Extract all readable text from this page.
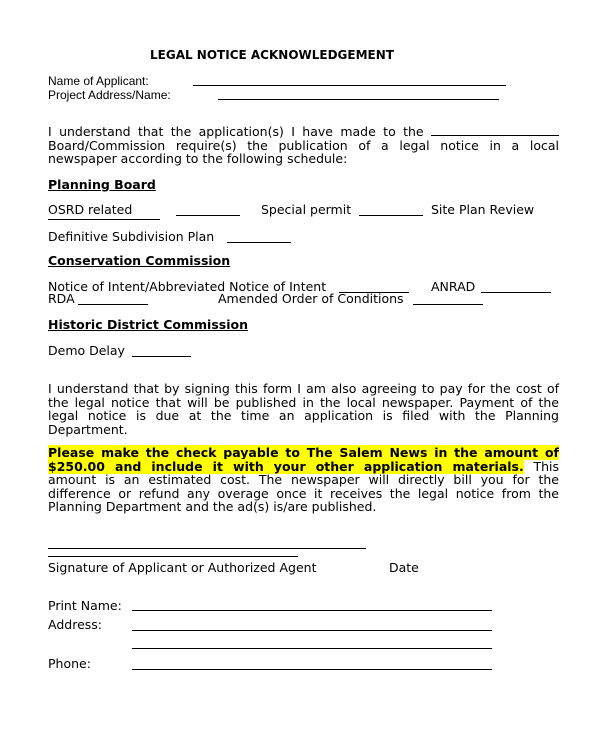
LEGAL NOTICE ACKNOWLEDGEMENT
Name of Applicant:
Project Address/Name:
I understand that the application(s) I have made to the  Board/Commission require(s) the publication of a legal notice in a local newspaper according to the following schedule:
Planning Board
OSRD related	Special permit	Site Plan Review
Definitive Subdivision Plan
Conservation Commission
Notice of Intent/Abbreviated Notice of Intent	ANRAD
RDA	Amended Order of Conditions
Historic District Commission
Demo Delay
I understand that by signing this form I am also agreeing to pay for the cost of the legal notice that will be published in the local newspaper. Payment of the legal notice is due at the time an application is filed with the Planning Department.
Please make the check payable to The Salem News in the amount of $250.00 and include it with your other application materials. This amount is an estimated cost. The newspaper will directly bill you for the difference or refund any overage once it receives the legal notice from the Planning Department and the ad(s) is/are published.
Signature of Applicant or Authorized Agent	Date
Print Name:
Address:
Phone:
